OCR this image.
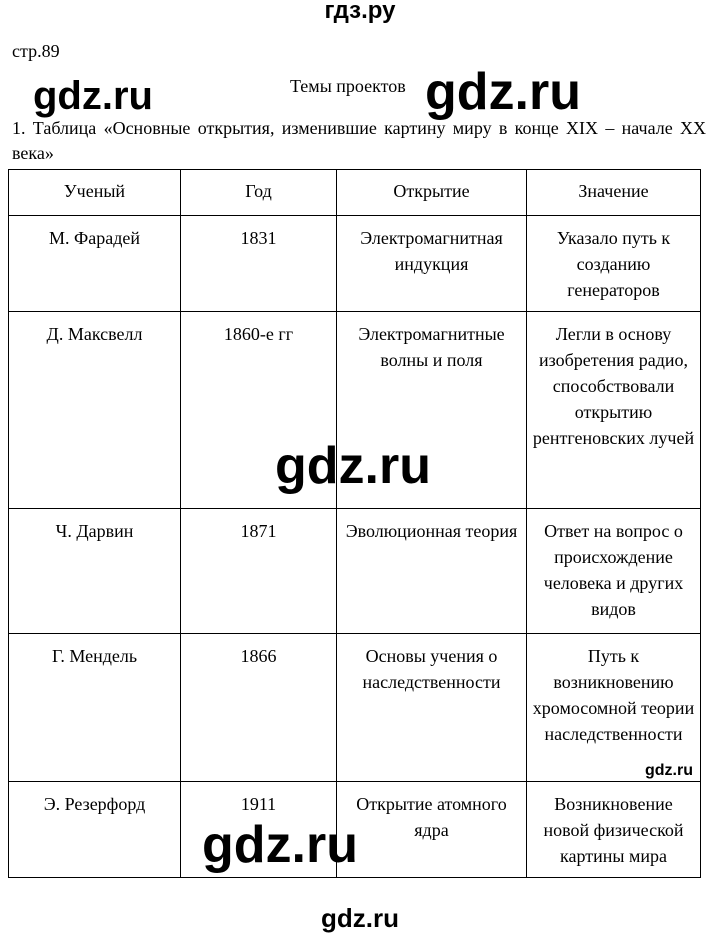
гдз.ру
стр.89
Темы проектов
1. Таблица «Основные открытия, изменившие картину миру в конце XIX – начале XX века»
Ученый	Год	Открытие	Значение
М. Фарадей	1831	Электромагнитная индукция	Указало путь к созданию генераторов
Д. Максвелл	1860-е гг	Электромагнитные волны и поля	Легли в основу изобретения радио, способствовали открытию рентгеновских лучей
Ч. Дарвин	1871	Эволюционная теория	Ответ на вопрос о происхождение человека и других видов
Г. Мендель	1866	Основы учения о наследственности	Путь к возникновению хромосомной теории наследственности
Э. Резерфорд	1911	Открытие атомного ядра	Возникновение новой физической картины мира
gdz.ru	gdz.ru
gdz.ru
gdz.ru
gdz.ru
gdz.ru
